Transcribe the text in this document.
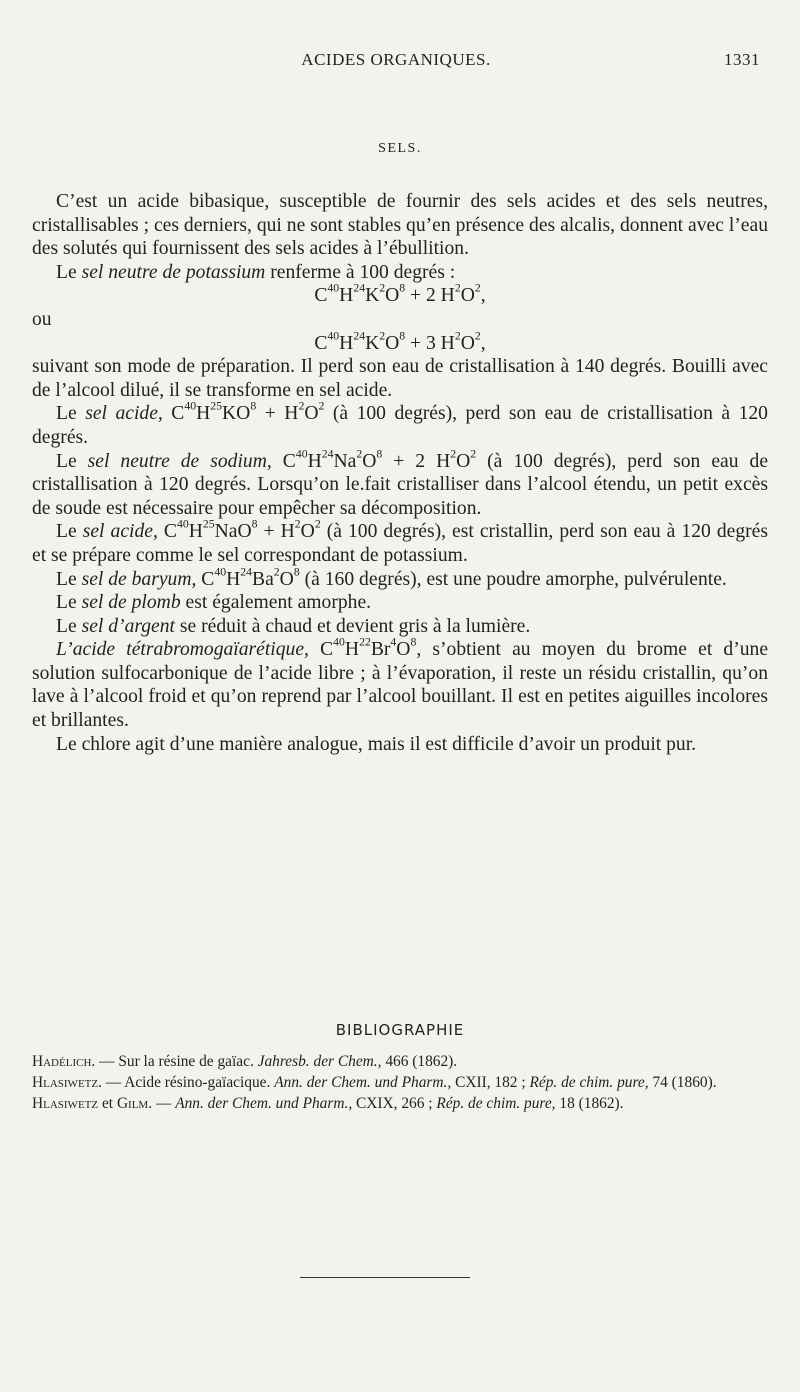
ACIDES ORGANIQUES.	1331
SELS.

C’est un acide bibasique, susceptible de fournir des sels acides et des sels neutres, cristallisables ; ces derniers, qui ne sont stables qu’en présence des alcalis, donnent avec l’eau des solutés qui fournissent des sels acides à l’ébullition.

Le sel neutre de potassium renferme à 100 degrés :

$C^{40}H^{24}K^2O^8 + 2$ $H^2O^2$,

ou

$C^{40}H^{24}K^2O^8 + 3$ $H^2O^2$,

suivant son mode de préparation. Il perd son eau de cristallisation à 140 degrés. Bouilli avec de l’alcool dilué, il se transforme en sel acide.

Le sel acide, $C^{40}H^{25}KO^8 + H^2O^2$ (à 100 degrés), perd son eau de cristallisation à 120 degrés.

Le sel neutre de sodium, $C^{40}H^{24}Na^2O^8 + 2$ $H^2O^2$ (à 100 degrés), perd son eau de cristallisation à 120 degrés. Lorsqu’on le.fait cristalliser dans l’alcool étendu, un petit excès de soude est nécessaire pour empêcher sa décomposition.

Le sel acide, $C^{40}H^{25}NaO^8 + H^2O^2$ (à 100 degrés), est cristallin, perd son eau à 120 degrés et se prépare comme le sel correspondant de potassium.

Le sel de baryum, $C^{40}H^{24}Ba^2O^8$ (à 160 degrés), est une poudre amorphe, pulvérulente.

Le sel de plomb est également amorphe.

Le sel d’argent se réduit à chaud et devient gris à la lumière.

L’acide tétrabromogaïarétique, $C^{40}H^{22}Br^4O^8$, s’obtient au moyen du brome et d’une solution sulfocarbonique de l’acide libre ; à l’évaporation, il reste un résidu cristallin, qu’on lave à l’alcool froid et qu’on reprend par l’alcool bouillant. Il est en petites aiguilles incolores et brillantes.

Le chlore agit d’une manière analogue, mais il est difficile d’avoir un produit pur.

BIBLIOGRAPHIE

Hadélich. — Sur la résine de gaïac. Jahresb. der Chem., 466 (1862).

Hlasiwetz. — Acide résino-gaïacique. Ann. der Chem. und Pharm., CXII, 182 ; Rép. de chim. pure, 74 (1860).

Hlasiwetz et Gilm. — Ann. der Chem. und Pharm., CXIX, 266 ; Rép. de chim. pure, 18 (1862).
